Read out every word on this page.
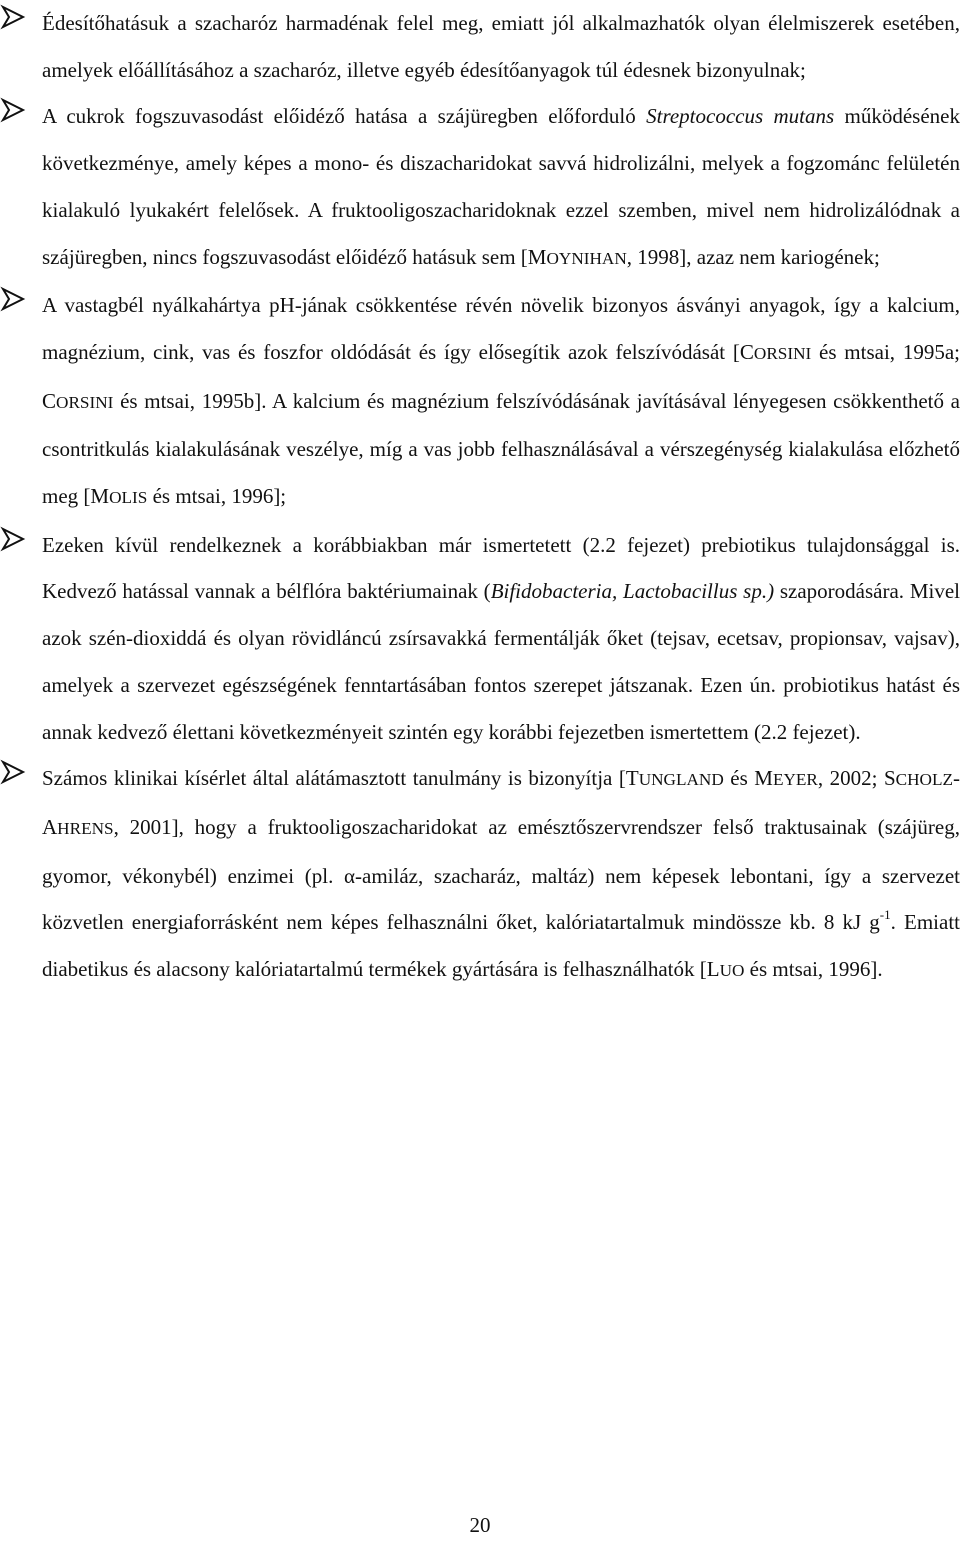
Édesítőhatásuk a szacharóz harmadénak felel meg, emiatt jól alkalmazhatók olyan élelmiszerek esetében, amelyek előállításához a szacharóz, illetve egyéb édesítőanyagok túl édesnek bizonyulnak;

A cukrok fogszuvasodást előidéző hatása a szájüregben előforduló Streptococcus mutans működésének következménye, amely képes a mono- és diszacharidokat savvá hidrolizálni, melyek a fogzománc felületén kialakuló lyukakért felelősek. A fruktooligoszacharidoknak ezzel szemben, mivel nem hidrolizálódnak a szájüregben, nincs fogszuvasodást előidéző hatásuk sem [MOYNIHAN, 1998], azaz nem kariogének;

A vastagbél nyálkahártya pH-jának csökkentése révén növelik bizonyos ásványi anyagok, így a kalcium, magnézium, cink, vas és foszfor oldódását és így elősegítik azok felszívódását [CORSINI és mtsai, 1995a; CORSINI és mtsai, 1995b]. A kalcium és magnézium felszívódásának javításával lényegesen csökkenthető a csontritkulás kialakulásának veszélye, míg a vas jobb felhasználásával a vérszegénység kialakulása előzhető meg [MOLIS és mtsai, 1996];

Ezeken kívül rendelkeznek a korábbiakban már ismertetett (2.2 fejezet) prebiotikus tulajdonsággal is. Kedvező hatással vannak a bélflóra baktériumainak (Bifidobacteria, Lactobacillus sp.) szaporodására. Mivel azok szén-dioxiddá és olyan rövidláncú zsírsavakká fermentálják őket (tejsav, ecetsav, propionsav, vajsav), amelyek a szervezet egészségének fenntartásában fontos szerepet játszanak. Ezen ún. probiotikus hatást és annak kedvező élettani következményeit szintén egy korábbi fejezetben ismertettem (2.2 fejezet).

Számos klinikai kísérlet által alátámasztott tanulmány is bizonyítja [TUNGLAND és MEYER, 2002; SCHOLZ-AHRENS, 2001], hogy a fruktooligoszacharidokat az emésztőszervrendszer felső traktusainak (szájüreg, gyomor, vékonybél) enzimei (pl. α-amiláz, szacharáz, maltáz) nem képesek lebontani, így a szervezet közvetlen energiaforrásként nem képes felhasználni őket, kalóriatartalmuk mindössze kb. 8 kJ $g^{-1}$. Emiatt diabetikus és alacsony kalóriatartalmú termékek gyártására is felhasználhatók [LUO és mtsai, 1996].

20
